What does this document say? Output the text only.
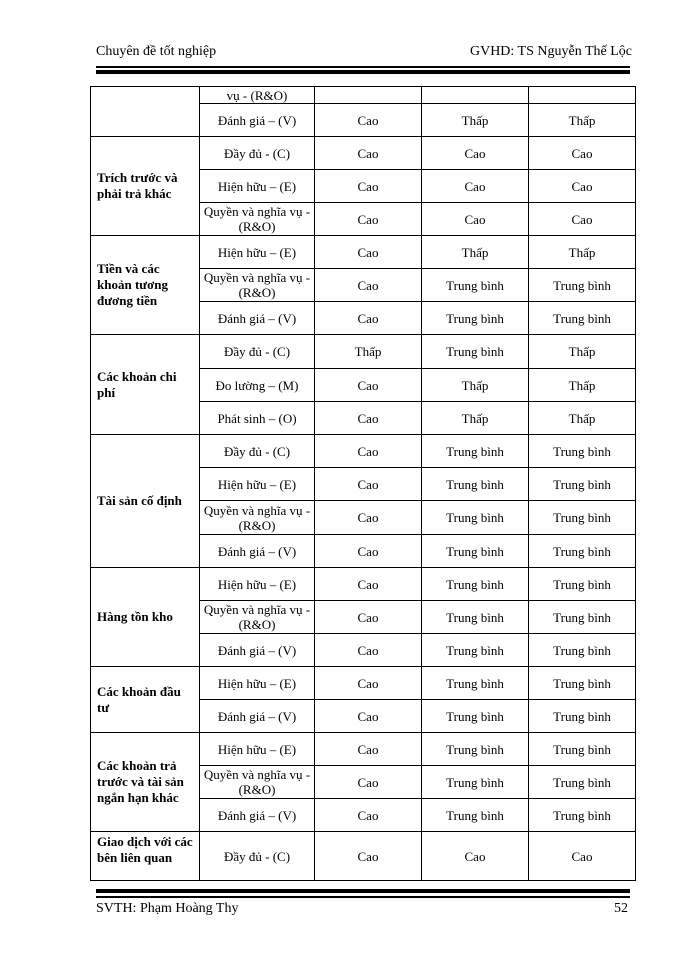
Chuyên đề tốt nghiệp	GVHD: TS Nguyễn Thế Lộc
	vụ - (R&O)			
	Đánh giá – (V)	Cao	Thấp	Thấp
Trích trước và phải trả khác	Đầy đủ - (C)	Cao	Cao	Cao
	Hiện hữu – (E)	Cao	Cao	Cao
	Quyền và nghĩa vụ - (R&O)	Cao	Cao	Cao
Tiền và các khoản tương đương tiền	Hiện hữu – (E)	Cao	Thấp	Thấp
	Quyền và nghĩa vụ - (R&O)	Cao	Trung bình	Trung bình
	Đánh giá – (V)	Cao	Trung bình	Trung bình
Các khoản chi phí	Đầy đủ - (C)	Thấp	Trung bình	Thấp
	Đo lường – (M)	Cao	Thấp	Thấp
	Phát sinh – (O)	Cao	Thấp	Thấp
Tài sản cố định	Đầy đủ - (C)	Cao	Trung bình	Trung bình
	Hiện hữu – (E)	Cao	Trung bình	Trung bình
	Quyền và nghĩa vụ - (R&O)	Cao	Trung bình	Trung bình
	Đánh giá – (V)	Cao	Trung bình	Trung bình
Hàng tồn kho	Hiện hữu – (E)	Cao	Trung bình	Trung bình
	Quyền và nghĩa vụ - (R&O)	Cao	Trung bình	Trung bình
	Đánh giá – (V)	Cao	Trung bình	Trung bình
Các khoản đầu tư	Hiện hữu – (E)	Cao	Trung bình	Trung bình
	Đánh giá – (V)	Cao	Trung bình	Trung bình
Các khoản trả trước và tài sản ngắn hạn khác	Hiện hữu – (E)	Cao	Trung bình	Trung bình
	Quyền và nghĩa vụ - (R&O)	Cao	Trung bình	Trung bình
	Đánh giá – (V)	Cao	Trung bình	Trung bình
Giao dịch với các bên liên quan	Đầy đủ - (C)	Cao	Cao	Cao
SVTH: Phạm Hoàng Thy	52
